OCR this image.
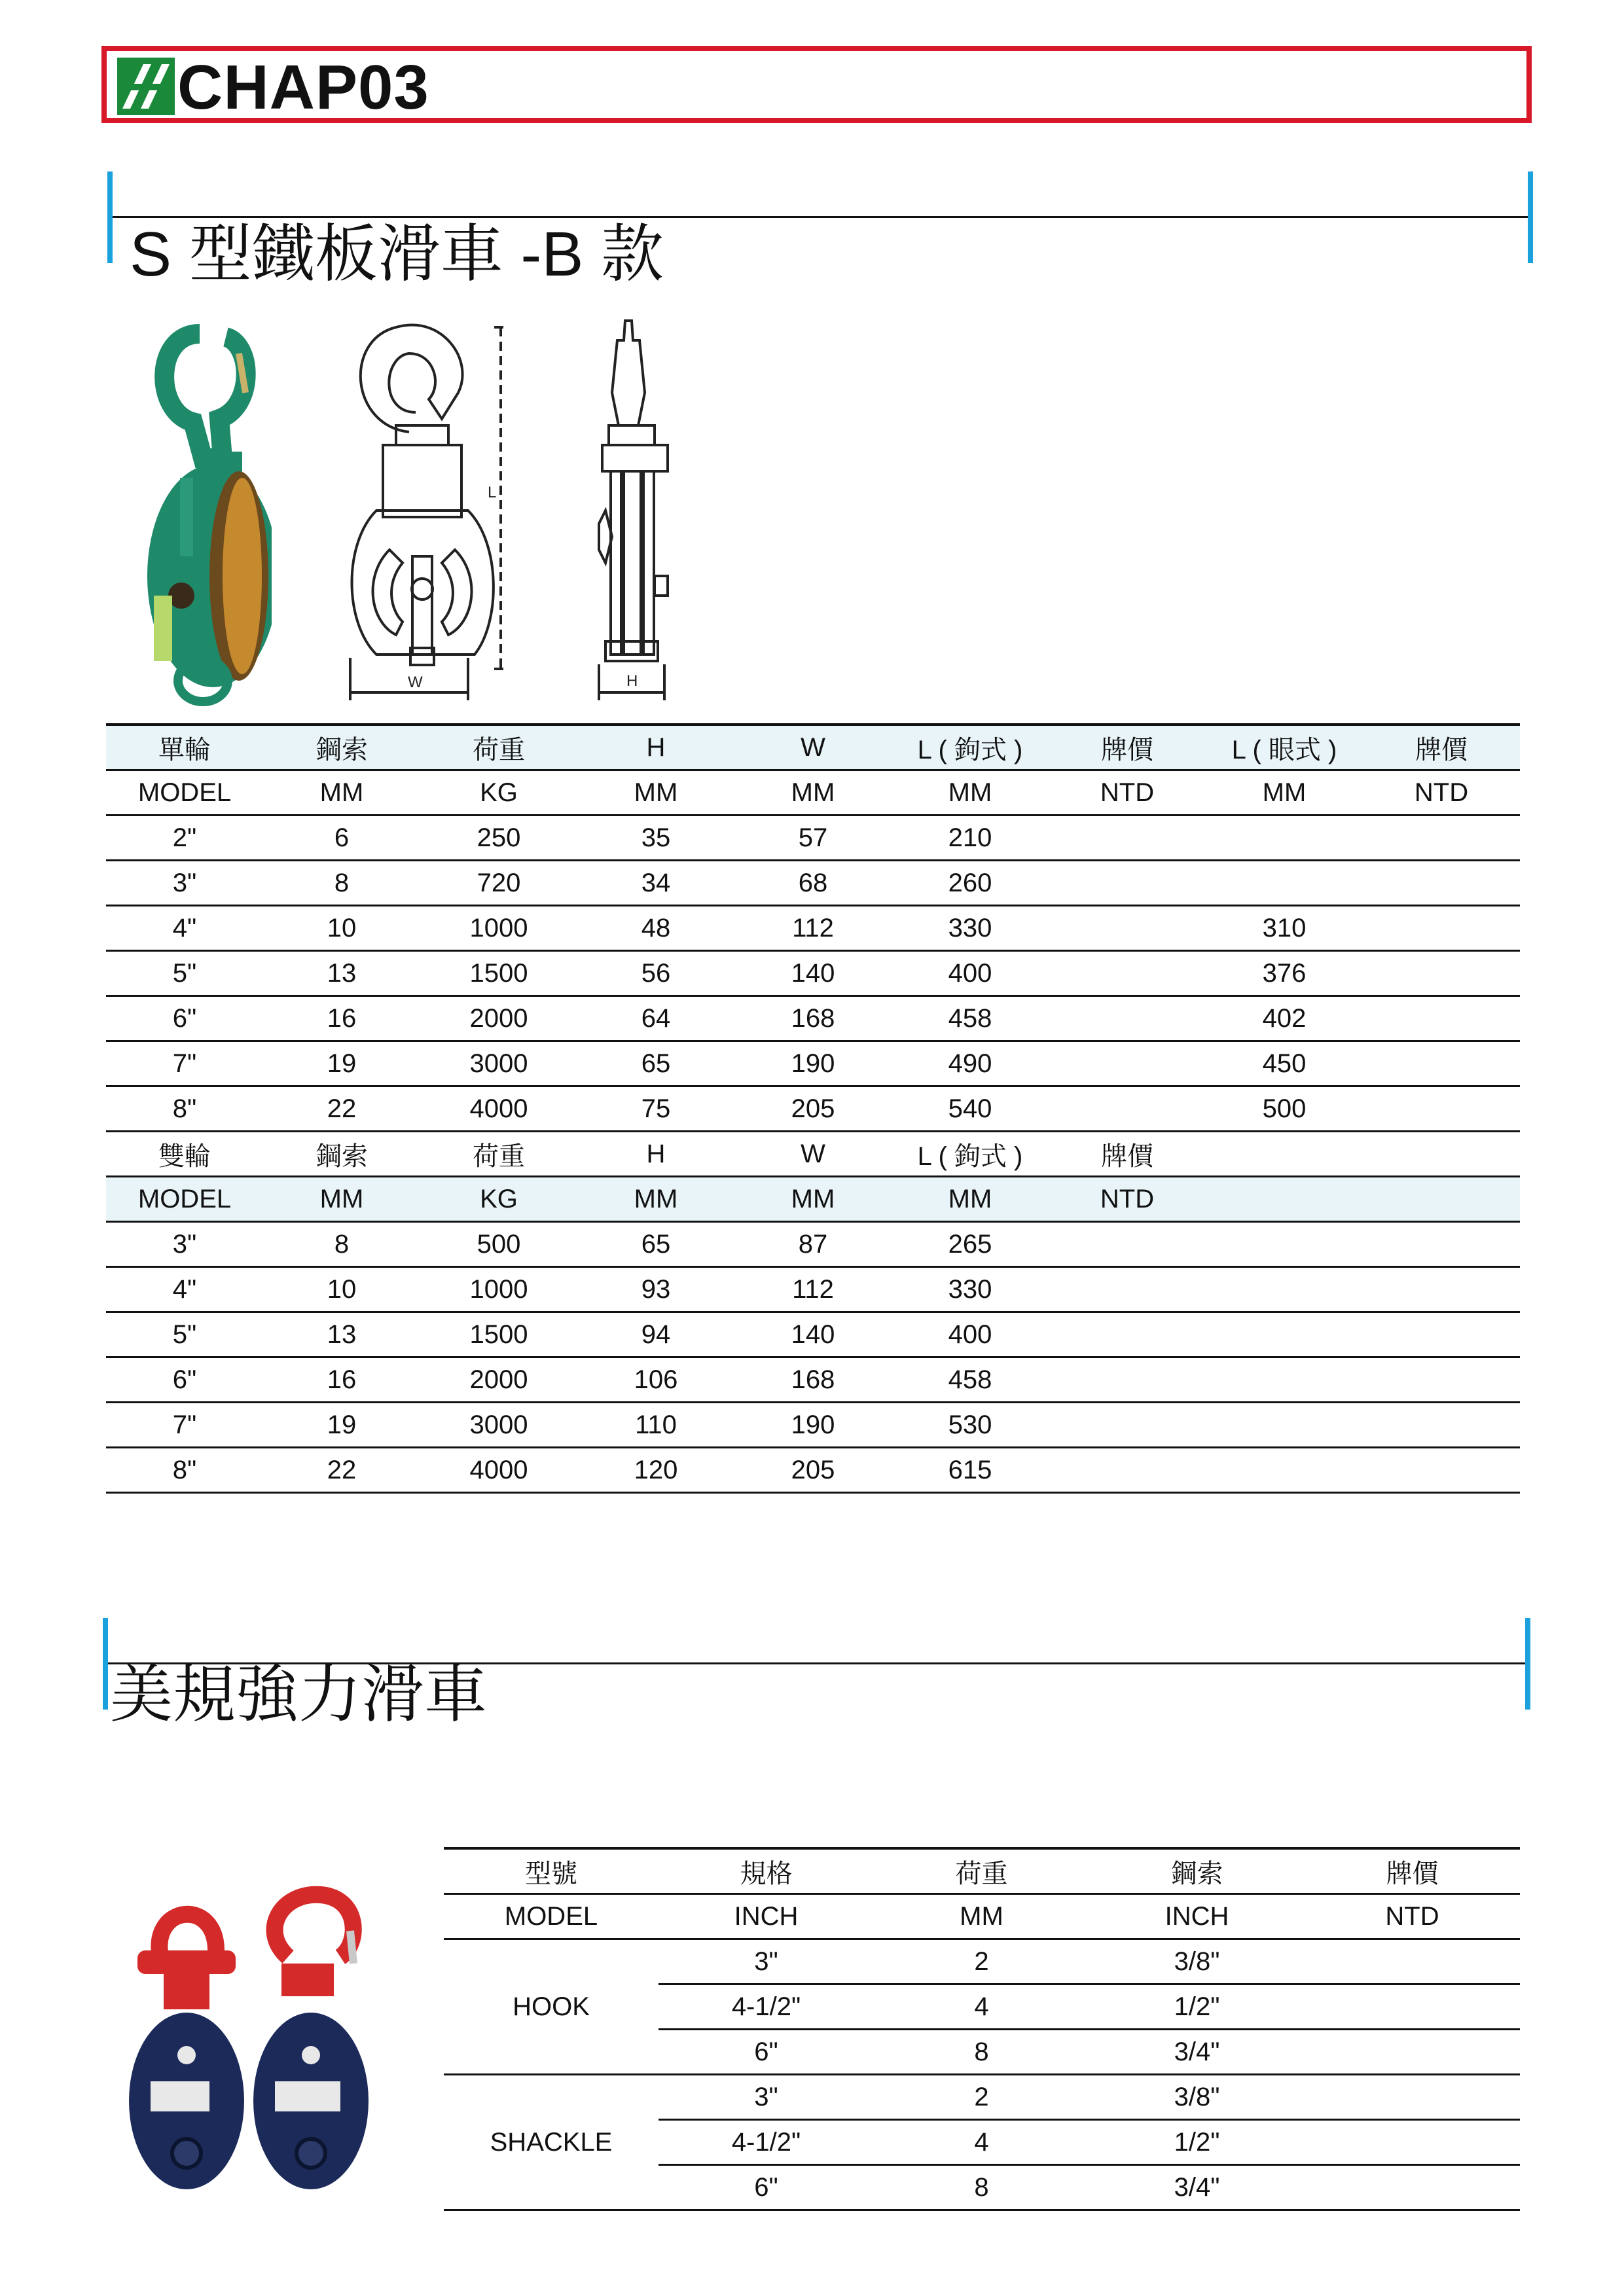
CHAP03
S 型鐵板滑車 -B 款
W
L
H
單輪	鋼索	荷重	H	W	L ( 鉤式 )	牌價	L ( 眼式 )	牌價
MODEL	MM	KG	MM	MM	MM	NTD	MM	NTD
2"	6	250	35	57	210			
3"	8	720	34	68	260			
4"	10	1000	48	112	330		310	
5"	13	1500	56	140	400		376	
6"	16	2000	64	168	458		402	
7"	19	3000	65	190	490		450	
8"	22	4000	75	205	540		500	
雙輪	鋼索	荷重	H	W	L ( 鉤式 )	牌價		
MODEL	MM	KG	MM	MM	MM	NTD		
3"	8	500	65	87	265			
4"	10	1000	93	112	330			
5"	13	1500	94	140	400			
6"	16	2000	106	168	458			
7"	19	3000	110	190	530			
8"	22	4000	120	205	615			
美規強力滑車
型號	規格	荷重	鋼索	牌價
MODEL	INCH	MM	INCH	NTD
HOOK	3"	2	3/8"	
	4-1/2"	4	1/2"	
	6"	8	3/4"	
SHACKLE	3"	2	3/8"	
	4-1/2"	4	1/2"	
	6"	8	3/4"	
